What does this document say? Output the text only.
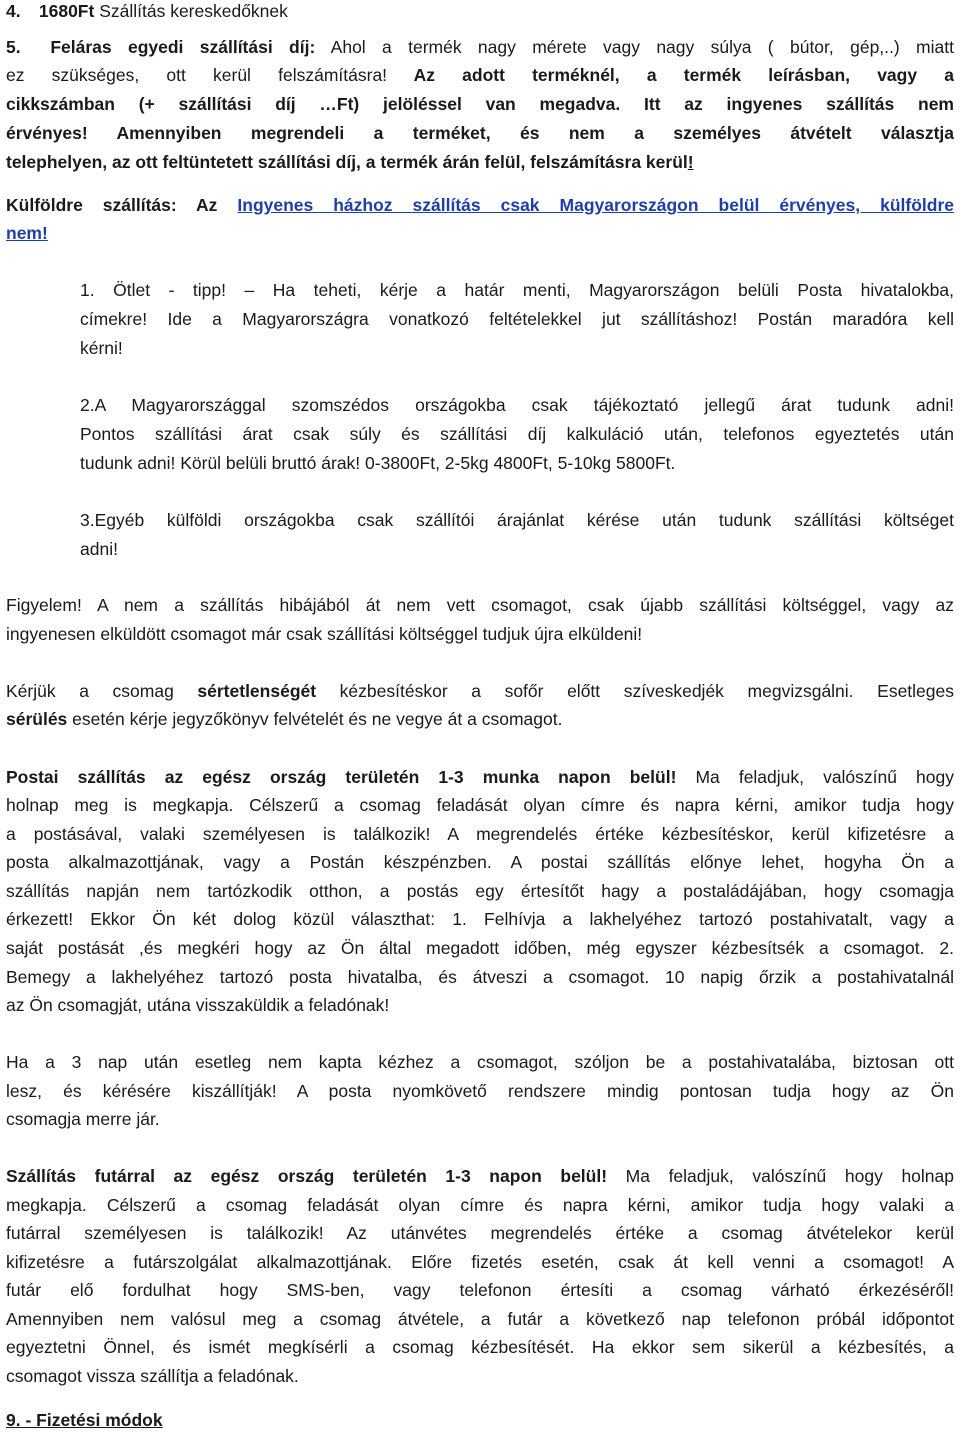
4. 1680Ft Szállítás kereskedőknek
5. Feláras egyedi szállítási díj: Ahol a termék nagy mérete vagy nagy súlya ( bútor, gép,..) miatt
ez szükséges, ott kerül felszámításra! Az adott terméknél, a termék leírásban, vagy a
cikkszámban (+ szállítási díj …Ft) jelöléssel van megadva. Itt az ingyenes szállítás nem
érvényes! Amennyiben megrendeli a terméket, és nem a személyes átvételt választja
telephelyen, az ott feltüntetett szállítási díj, a termék árán felül, felszámításra kerül!
Külföldre szállítás: Az Ingyenes házhoz szállítás csak Magyarországon belül érvényes, külföldre
nem!
1. Ötlet - tipp! – Ha teheti, kérje a határ menti, Magyarországon belüli Posta hivatalokba,
címekre! Ide a Magyarországra vonatkozó feltételekkel jut szállításhoz! Postán maradóra kell
kérni!
2.A Magyarországgal szomszédos országokba csak tájékoztató jellegű árat tudunk adni!
Pontos szállítási árat csak súly és szállítási díj kalkuláció után, telefonos egyeztetés után
tudunk adni! Körül belüli bruttó árak! 0-3800Ft, 2-5kg 4800Ft, 5-10kg 5800Ft.
3.Egyéb külföldi országokba csak szállítói árajánlat kérése után tudunk szállítási költséget
adni!
Figyelem! A nem a szállítás hibájából át nem vett csomagot, csak újabb szállítási költséggel, vagy az
ingyenesen elküldött csomagot már csak szállítási költséggel tudjuk újra elküldeni!
Kérjük a csomag sértetlenségét kézbesítéskor a sofőr előtt szíveskedjék megvizsgálni. Esetleges
sérülés esetén kérje jegyzőkönyv felvételét és ne vegye át a csomagot.
Postai szállítás az egész ország területén 1-3 munka napon belül! Ma feladjuk, valószínű hogy
holnap meg is megkapja. Célszerű a csomag feladását olyan címre és napra kérni, amikor tudja hogy
a postásával, valaki személyesen is találkozik! A megrendelés értéke kézbesítéskor, kerül kifizetésre a
posta alkalmazottjának, vagy a Postán készpénzben. A postai szállítás előnye lehet, hogyha Ön a
szállítás napján nem tartózkodik otthon, a postás egy értesítőt hagy a postaládájában, hogy csomagja
érkezett! Ekkor Ön két dolog közül választhat: 1. Felhívja a lakhelyéhez tartozó postahivatalt, vagy a
saját postását ,és megkéri hogy az Ön által megadott időben, még egyszer kézbesítsék a csomagot. 2.
Bemegy a lakhelyéhez tartozó posta hivatalba, és átveszi a csomagot. 10 napig őrzik a postahivatalnál
az Ön csomagját, utána visszaküldik a feladónak!
Ha a 3 nap után esetleg nem kapta kézhez a csomagot, szóljon be a postahivatalába, biztosan ott
lesz, és kérésére kiszállítják! A posta nyomkövető rendszere mindig pontosan tudja hogy az Ön
csomagja merre jár.
Szállítás futárral az egész ország területén 1-3 napon belül! Ma feladjuk, valószínű hogy holnap
megkapja. Célszerű a csomag feladását olyan címre és napra kérni, amikor tudja hogy valaki a
futárral személyesen is találkozik! Az utánvétes megrendelés értéke a csomag átvételekor kerül
kifizetésre a futárszolgálat alkalmazottjának. Előre fizetés esetén, csak át kell venni a csomagot! A
futár elő fordulhat hogy SMS-ben, vagy telefonon értesíti a csomag várható érkezéséről!
Amennyiben nem valósul meg a csomag átvétele, a futár a következő nap telefonon próbál időpontot
egyeztetni Önnel, és ismét megkísérli a csomag kézbesítését. Ha ekkor sem sikerül a kézbesítés, a
csomagot vissza szállítja a feladónak.
9. - Fizetési módok
